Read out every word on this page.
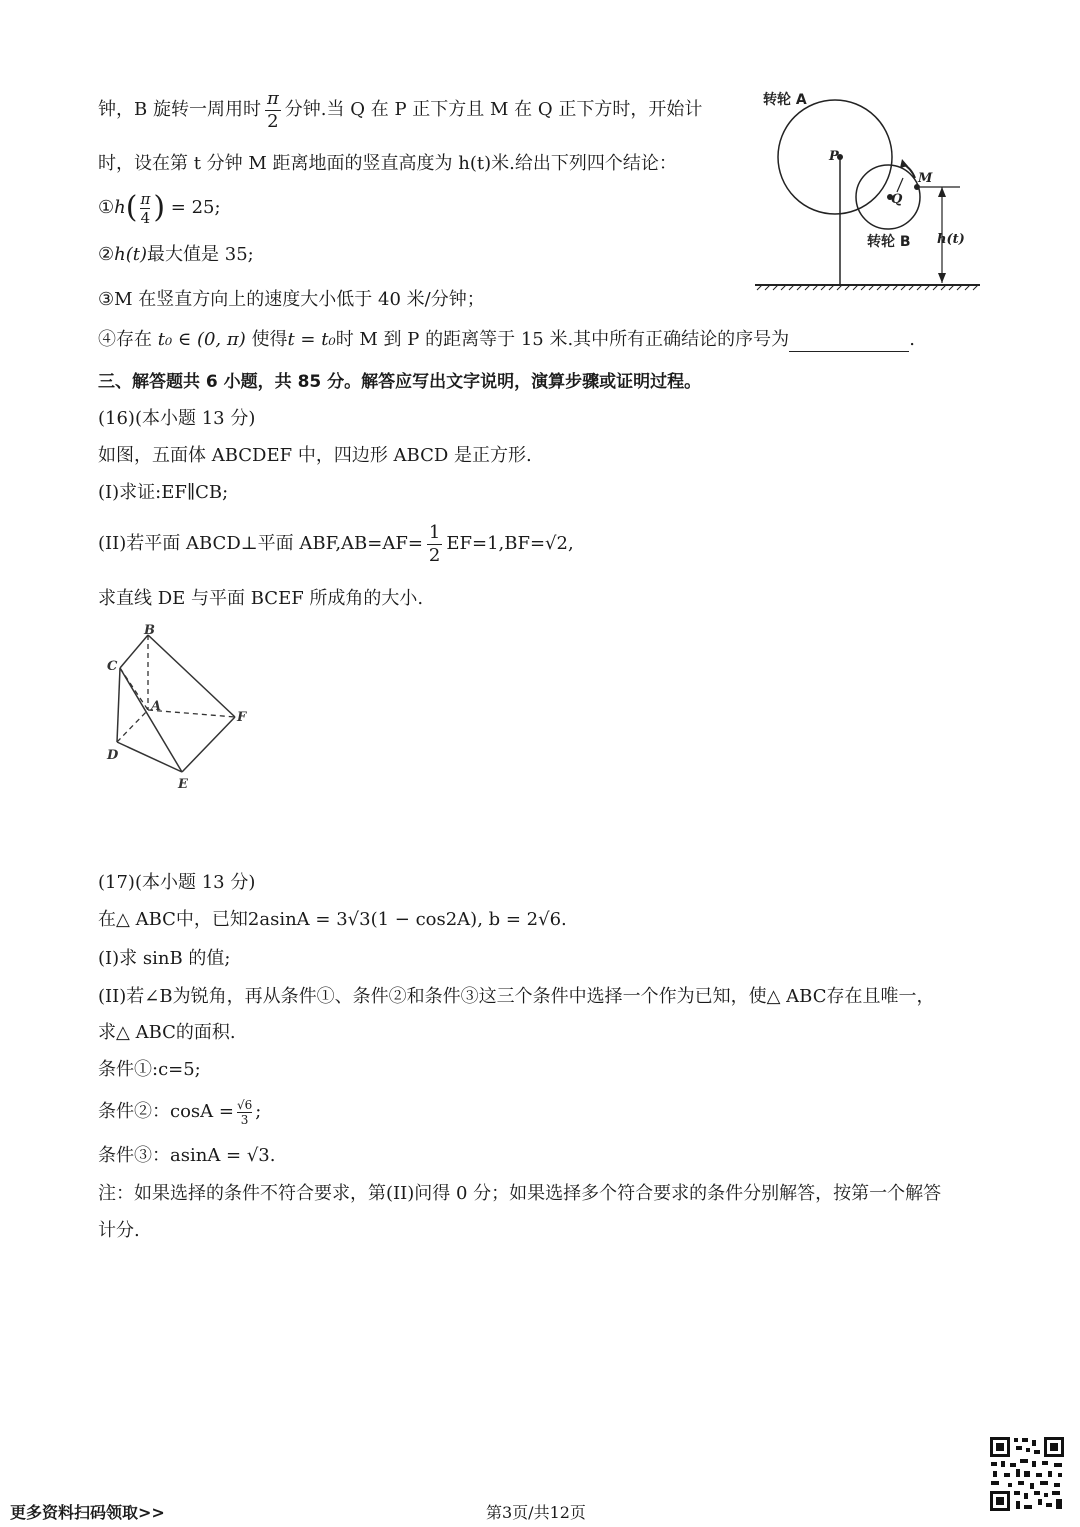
钟，B 旋转一周用时 $\frac{\pi}{2}$ 分钟.当 Q 在 P 正下方且 M 在 Q 正下方时，开始计
时，设在第 t 分钟 M 距离地面的竖直高度为 h(t)米.给出下列四个结论：
①h( $\frac{\pi}{4}$ ) = 25;
②h(t)最大值是 35;
③M 在竖直方向上的速度大小低于 40 米/分钟；
④存在 t₀ ∈ (0, π) 使得t = t₀时 M 到 P 的距离等于 15 米.其中所有正确结论的序号为	.
转轮 A
转轮 B
P
Q
M
h(t)
三、解答题共 6 小题，共 85 分。解答应写出文字说明，演算步骤或证明过程。
(16)(本小题 13 分)
如图，五面体 ABCDEF 中，四边形 ABCD 是正方形.
(I)求证:EF∥CB;
(II)若平面 ABCD⊥平面 $ABF,AB=AF= \frac{1}{2} EF=1,BF=√2$,
求直线 DE 与平面 BCEF 所成角的大小.
B
C
A
F
D
E
(17)(本小题 13 分)
在△ ABC中，已知2asinA = 3√3(1 − cos2A), b = 2√6.
(I)求 sinB 的值;
(II)若∠B为锐角，再从条件①、条件②和条件③这三个条件中选择一个作为已知，使△ ABC存在且唯一，
求△ ABC的面积.
条件①:c=5;
条件②：$\cos A = \frac{√6}{3}$ ;
条件③：asinA = √3.
注：如果选择的条件不符合要求，第(II)问得 0 分；如果选择多个符合要求的条件分别解答，按第一个解答
计分.
更多资料扫码领取>>	第3页/共12页
